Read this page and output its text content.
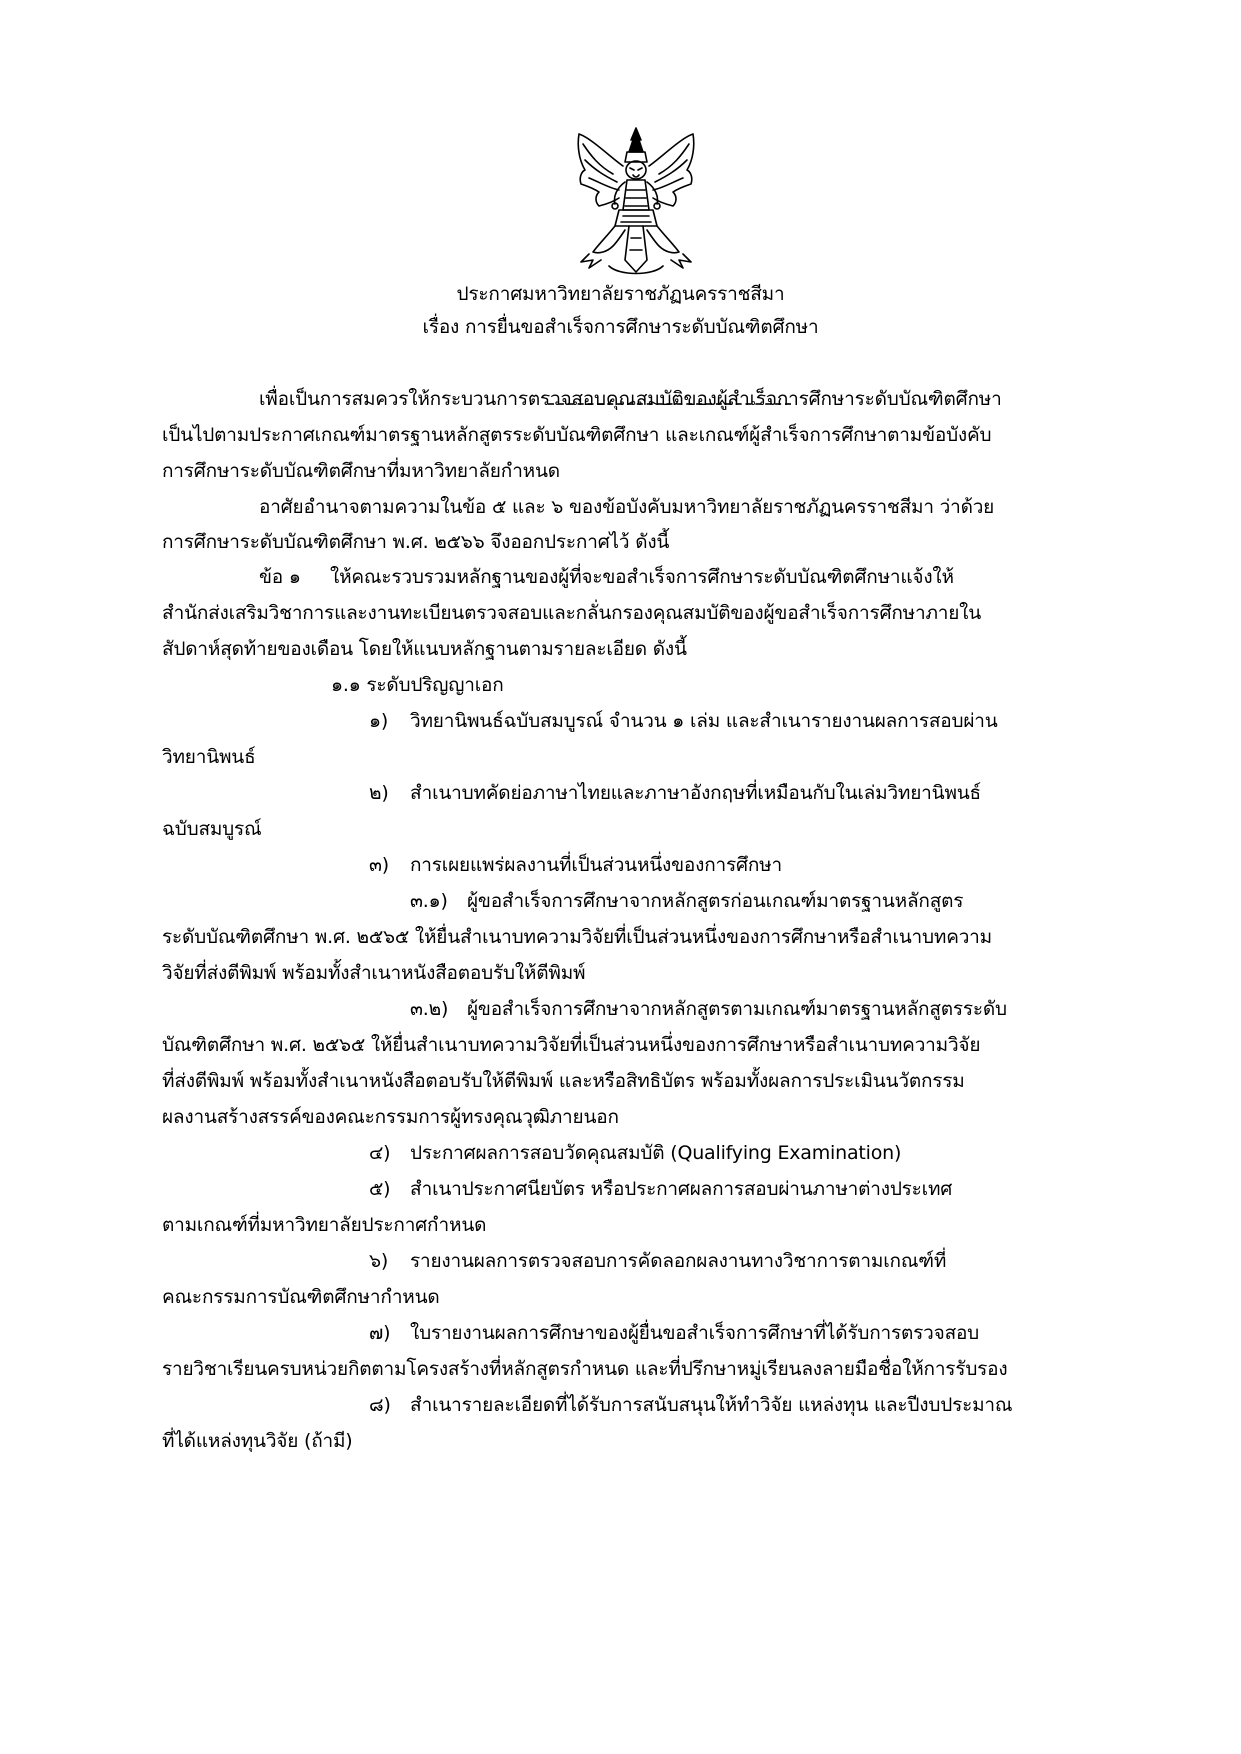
ประกาศมหาวิทยาลัยราชภัฏนครราชสีมา
เรื่อง การยื่นขอสำเร็จการศึกษาระดับบัณฑิตศึกษา
เพื่อเป็นการสมควรให้กระบวนการตรวจสอบคุณสมบัติของผู้สำเร็จการศึกษาระดับบัณฑิตศึกษา
เป็นไปตามประกาศเกณฑ์มาตรฐานหลักสูตรระดับบัณฑิตศึกษา และเกณฑ์ผู้สำเร็จการศึกษาตามข้อบังคับ
การศึกษาระดับบัณฑิตศึกษาที่มหาวิทยาลัยกำหนด
อาศัยอำนาจตามความในข้อ ๕ และ ๖ ของข้อบังคับมหาวิทยาลัยราชภัฏนครราชสีมา ว่าด้วย
การศึกษาระดับบัณฑิตศึกษา พ.ศ. ๒๕๖๖ จึงออกประกาศไว้ ดังนี้
ข้อ ๑ ให้คณะรวบรวมหลักฐานของผู้ที่จะขอสำเร็จการศึกษาระดับบัณฑิตศึกษาแจ้งให้
สำนักส่งเสริมวิชาการและงานทะเบียนตรวจสอบและกลั่นกรองคุณสมบัติของผู้ขอสำเร็จการศึกษาภายใน
สัปดาห์สุดท้ายของเดือน โดยให้แนบหลักฐานตามรายละเอียด ดังนี้
๑.๑ ระดับปริญญาเอก
๑) วิทยานิพนธ์ฉบับสมบูรณ์ จำนวน ๑ เล่ม และสำเนารายงานผลการสอบผ่าน
วิทยานิพนธ์
๒) สำเนาบทคัดย่อภาษาไทยและภาษาอังกฤษที่เหมือนกับในเล่มวิทยานิพนธ์
ฉบับสมบูรณ์
๓) การเผยแพร่ผลงานที่เป็นส่วนหนึ่งของการศึกษา
๓.๑) ผู้ขอสำเร็จการศึกษาจากหลักสูตรก่อนเกณฑ์มาตรฐานหลักสูตร
ระดับบัณฑิตศึกษา พ.ศ. ๒๕๖๕ ให้ยื่นสำเนาบทความวิจัยที่เป็นส่วนหนึ่งของการศึกษาหรือสำเนาบทความ
วิจัยที่ส่งตีพิมพ์ พร้อมทั้งสำเนาหนังสือตอบรับให้ตีพิมพ์
๓.๒) ผู้ขอสำเร็จการศึกษาจากหลักสูตรตามเกณฑ์มาตรฐานหลักสูตรระดับ
บัณฑิตศึกษา พ.ศ. ๒๕๖๕ ให้ยื่นสำเนาบทความวิจัยที่เป็นส่วนหนึ่งของการศึกษาหรือสำเนาบทความวิจัย
ที่ส่งตีพิมพ์ พร้อมทั้งสำเนาหนังสือตอบรับให้ตีพิมพ์ และหรือสิทธิบัตร พร้อมทั้งผลการประเมินนวัตกรรม
ผลงานสร้างสรรค์ของคณะกรรมการผู้ทรงคุณวุฒิภายนอก
๔) ประกาศผลการสอบวัดคุณสมบัติ (Qualifying Examination)
๕) สำเนาประกาศนียบัตร หรือประกาศผลการสอบผ่านภาษาต่างประเทศ
ตามเกณฑ์ที่มหาวิทยาลัยประกาศกำหนด
๖) รายงานผลการตรวจสอบการคัดลอกผลงานทางวิชาการตามเกณฑ์ที่
คณะกรรมการบัณฑิตศึกษากำหนด
๗) ใบรายงานผลการศึกษาของผู้ยื่นขอสำเร็จการศึกษาที่ได้รับการตรวจสอบ
รายวิชาเรียนครบหน่วยกิตตามโครงสร้างที่หลักสูตรกำหนด และที่ปรึกษาหมู่เรียนลงลายมือชื่อให้การรับรอง
๘) สำเนารายละเอียดที่ได้รับการสนับสนุนให้ทำวิจัย แหล่งทุน และปีงบประมาณ
ที่ได้แหล่งทุนวิจัย (ถ้ามี)
